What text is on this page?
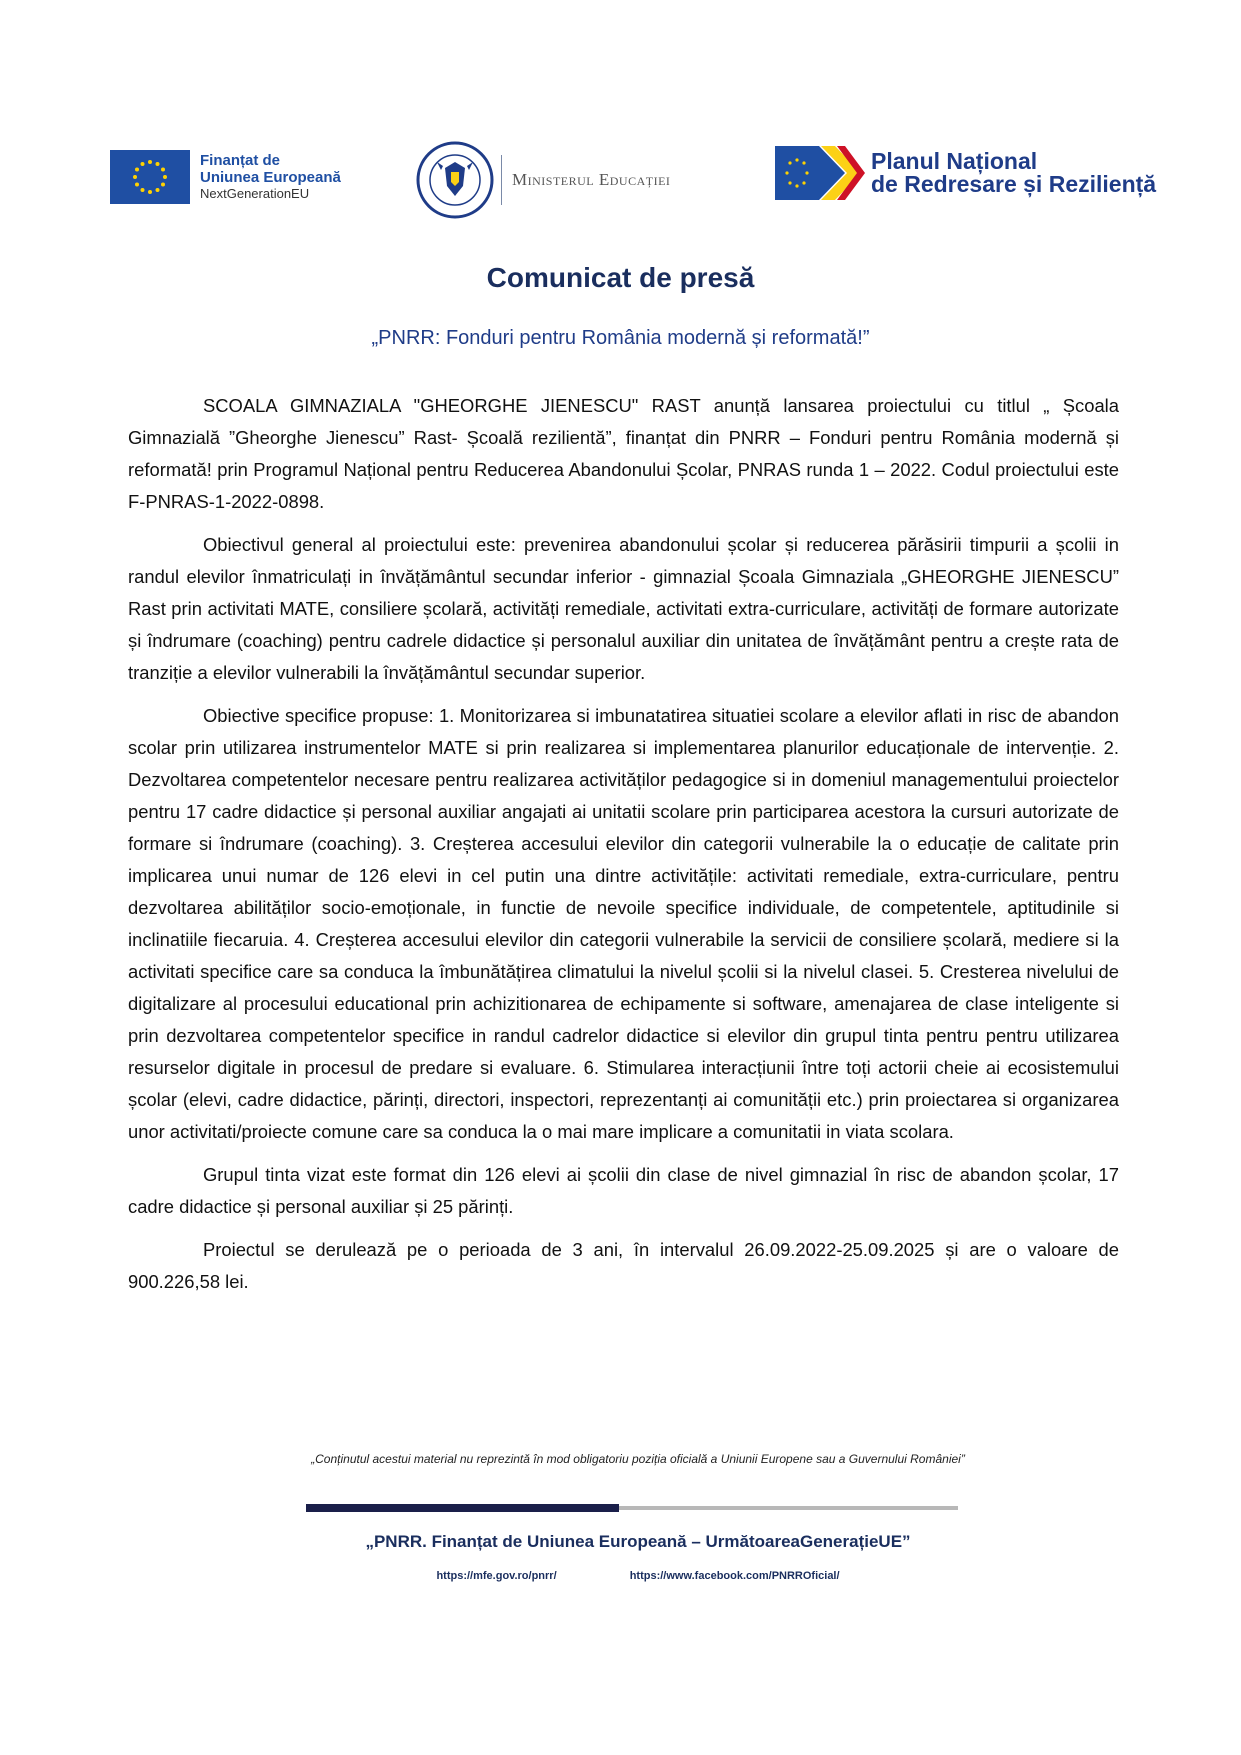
Finanțat de
Uniunea Europeană
NextGenerationEU
Ministerul Educației
Planul Național
de Redresare și Reziliență
Comunicat de presă
„PNRR: Fonduri pentru România modernă și reformată!”

SCOALA GIMNAZIALA "GHEORGHE JIENESCU" RAST anunță lansarea proiectului cu titlul „ Școala Gimnazială ”Gheorghe Jienescu” Rast- Școală rezilientă”, finanțat din PNRR – Fonduri pentru România modernă și reformată! prin Programul Național pentru Reducerea Abandonului Școlar, PNRAS runda 1 – 2022. Codul proiectului este F-PNRAS-1-2022-0898.

Obiectivul general al proiectului este: prevenirea abandonului școlar și reducerea părăsirii timpurii a școlii in randul elevilor înmatriculați in învățământul secundar inferior - gimnazial Școala Gimnaziala „GHEORGHE JIENESCU” Rast prin activitati MATE, consiliere școlară, activități remediale, activitati extra-curriculare, activități de formare autorizate și îndrumare (coaching) pentru cadrele didactice și personalul auxiliar din unitatea de învățământ pentru a crește rata de tranziție a elevilor vulnerabili la învățământul secundar superior.

Obiective specifice propuse: 1. Monitorizarea si imbunatatirea situatiei scolare a elevilor aflati in risc de abandon scolar prin utilizarea instrumentelor MATE si prin realizarea si implementarea planurilor educaționale de intervenție. 2. Dezvoltarea competentelor necesare pentru realizarea activităților pedagogice si in domeniul managementului proiectelor pentru 17 cadre didactice și personal auxiliar angajati ai unitatii scolare prin participarea acestora la cursuri autorizate de formare si îndrumare (coaching). 3. Creșterea accesului elevilor din categorii vulnerabile la o educație de calitate prin implicarea unui numar de 126 elevi in cel putin una dintre activitățile: activitati remediale, extra-curriculare, pentru dezvoltarea abilităților socio-emoționale, in functie de nevoile specifice individuale, de competentele, aptitudinile si inclinatiile fiecaruia. 4. Creșterea accesului elevilor din categorii vulnerabile la servicii de consiliere școlară, mediere si la activitati specifice care sa conduca la îmbunătățirea climatului la nivelul școlii si la nivelul clasei. 5. Cresterea nivelului de digitalizare al procesului educational prin achizitionarea de echipamente si software, amenajarea de clase inteligente si prin dezvoltarea competentelor specifice in randul cadrelor didactice si elevilor din grupul tinta pentru pentru utilizarea resurselor digitale in procesul de predare si evaluare. 6. Stimularea interacțiunii între toți actorii cheie ai ecosistemului școlar (elevi, cadre didactice, părinți, directori, inspectori, reprezentanți ai comunității etc.) prin proiectarea si organizarea unor activitati/proiecte comune care sa conduca la o mai mare implicare a comunitatii in viata scolara.

Grupul tinta vizat este format din 126 elevi ai școlii din clase de nivel gimnazial în risc de abandon școlar, 17 cadre didactice și personal auxiliar și 25 părinți.

Proiectul se derulează pe o perioada de 3 ani, în intervalul 26.09.2022-25.09.2025 și are o valoare de 900.226,58 lei.

„Conținutul acestui material nu reprezintă în mod obligatoriu poziția oficială a Uniunii Europene sau a Guvernului României”
„PNRR. Finanțat de Uniunea Europeană – UrmătoareaGenerațieUE”
https://mfe.gov.ro/pnrr/	https://www.facebook.com/PNRROficial/
